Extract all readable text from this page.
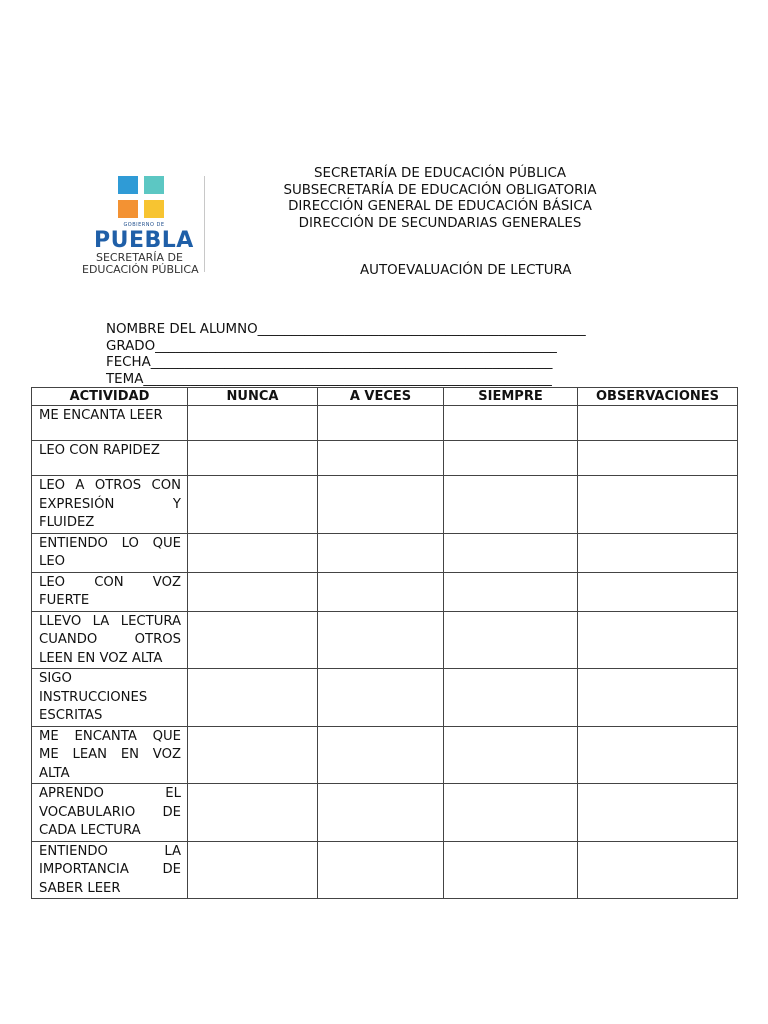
GOBIERNO DE
PUEBLA
SECRETARÍA DE
EDUCACIÓN PÚBLICA
SECRETARÍA DE EDUCACIÓN PÚBLICA
SUBSECRETARÍA DE EDUCACIÓN OBLIGATORIA
DIRECCIÓN GENERAL DE EDUCACIÓN BÁSICA
DIRECCIÓN DE SECUNDARIAS GENERALES
AUTOEVALUACIÓN DE LECTURA
NOMBRE DEL ALUMNO_________________________________________________
GRADO____________________________________________________________
FECHA____________________________________________________________
TEMA_____________________________________________________________
ACTIVIDAD	NUNCA	A VECES	SIEMPRE	OBSERVACIONES
ME ENCANTA LEER				
LEO CON RAPIDEZ				
LEO A OTROS CON EXPRESIÓN Y FLUIDEZ				
ENTIENDO LO QUE LEO				
LEO CON VOZ FUERTE				
LLEVO LA LECTURA CUANDO OTROS LEEN EN VOZ ALTA				
SIGO INSTRUCCIONES ESCRITAS				
ME ENCANTA QUE ME LEAN EN VOZ ALTA				
APRENDO EL VOCABULARIO DE CADA LECTURA				
ENTIENDO LA IMPORTANCIA DE SABER LEER				
